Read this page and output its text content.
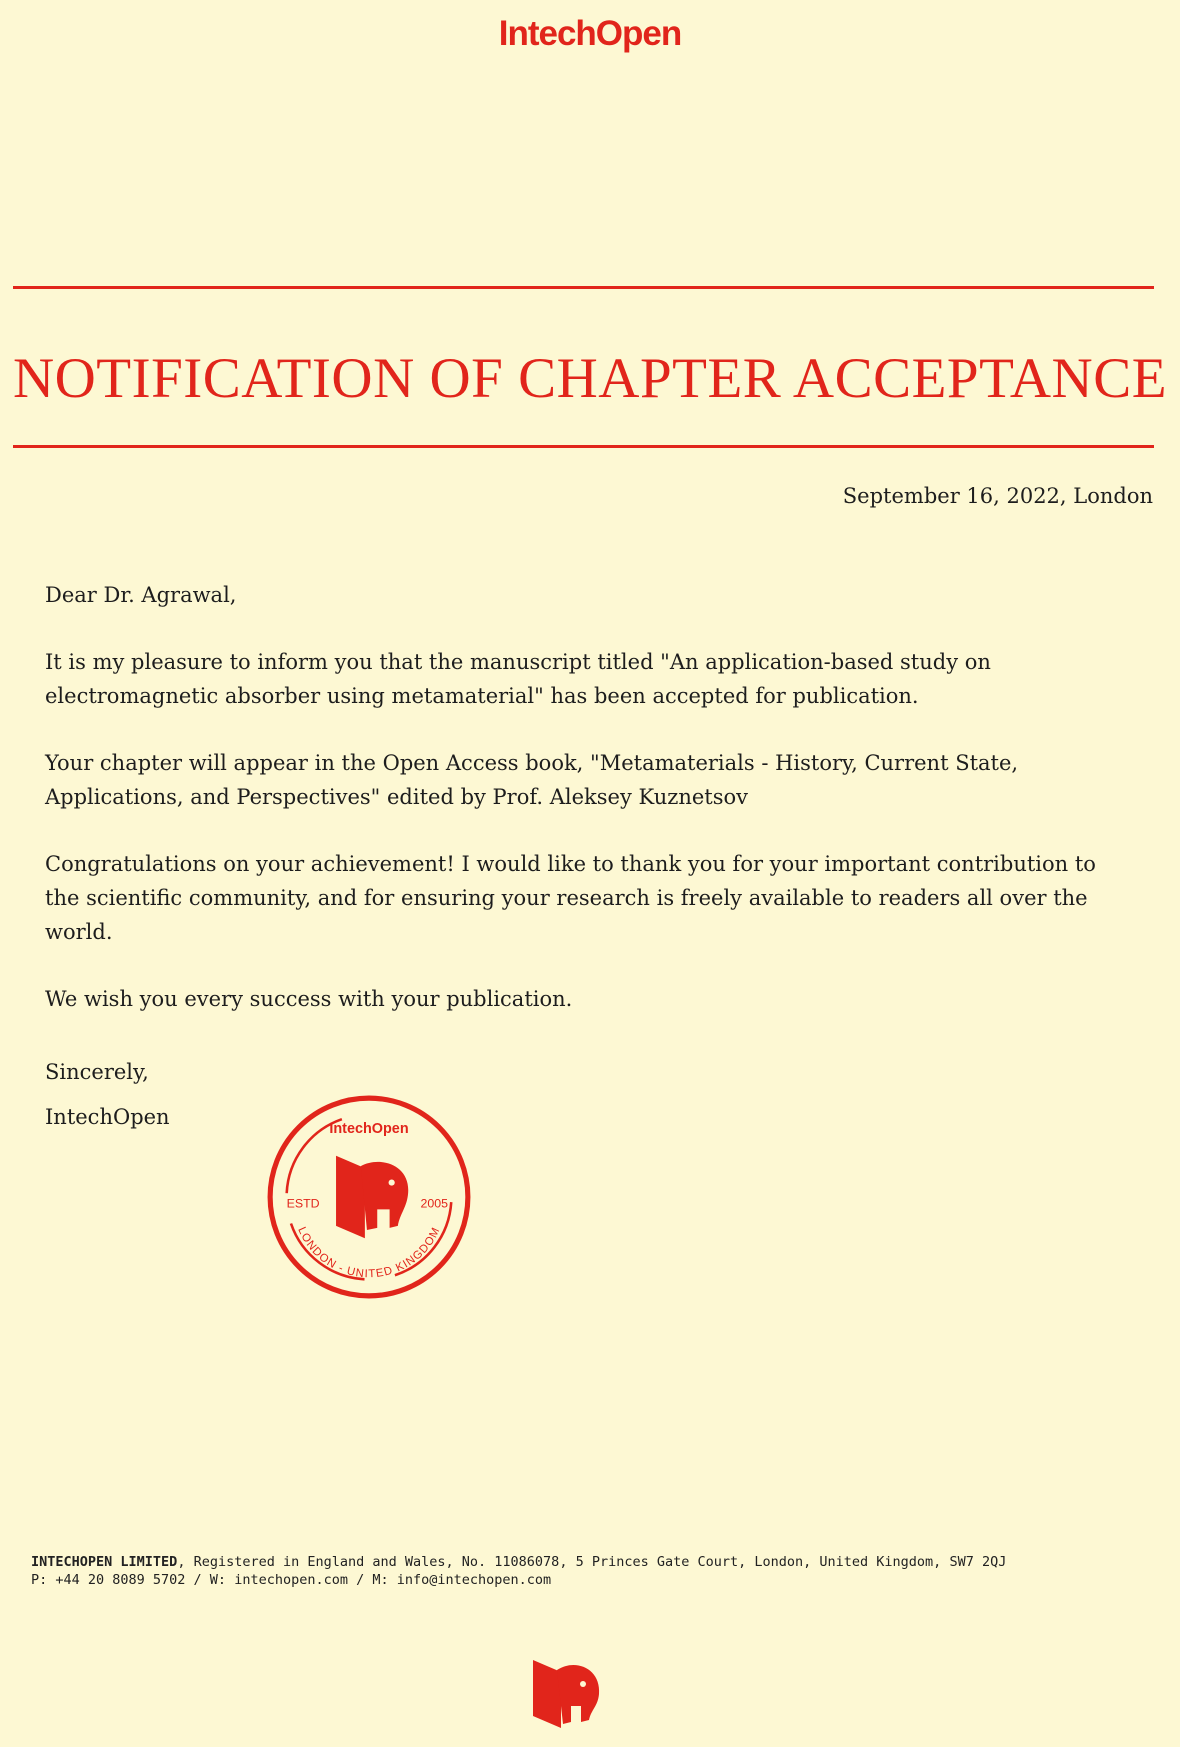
IntechOpen
NOTIFICATION OF CHAPTER ACCEPTANCE
September 16, 2022, London

Dear Dr. Agrawal,

It is my pleasure to inform you that the manuscript titled "An application-based study on electromagnetic absorber using metamaterial" has been accepted for publication.

Your chapter will appear in the Open Access book, "Metamaterials - History, Current State, Applications, and Perspectives" edited by Prof. Aleksey Kuznetsov

Congratulations on your achievement! I would like to thank you for your important contribution to the scientific community, and for ensuring your research is freely available to readers all over the world.

We wish you every success with your publication.

Sincerely,
IntechOpen
IntechOpen
ESTD	2005
LONDON - UNITED KINGDOM
INTECHOPEN LIMITED, Registered in England and Wales, No. 11086078, 5 Princes Gate Court, London, United Kingdom, SW7 2QJ
P: +44 20 8089 5702 / W: intechopen.com / M: info@intechopen.com
